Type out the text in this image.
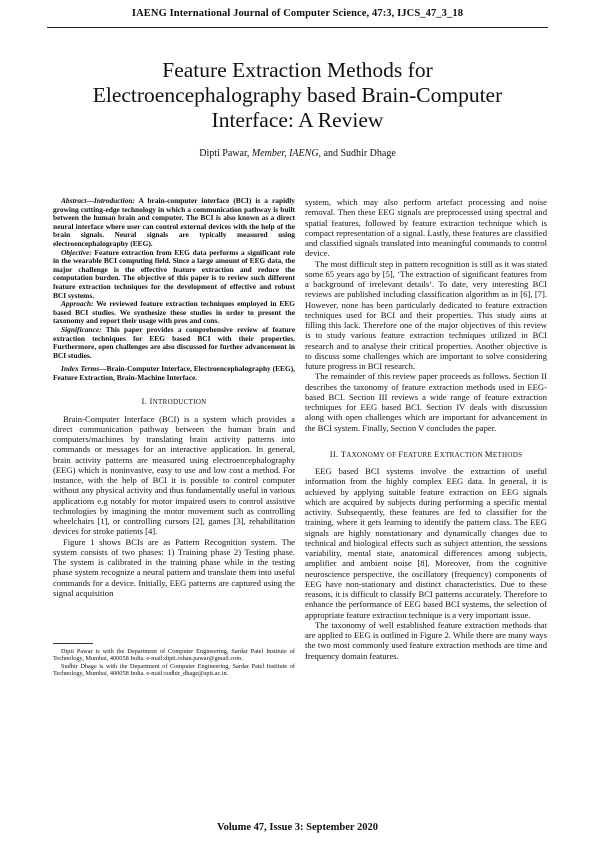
IAENG International Journal of Computer Science, 47:3, IJCS_47_3_18
Feature Extraction Methods for
Electroencephalography based Brain-Computer
Interface: A Review
Dipti Pawar, Member, IAENG, and Sudhir Dhage

Abstract—Introduction: A brain-computer interface (BCI) is a rapidly growing cutting-edge technology in which a communication pathway is built between the human brain and computer. The BCI is also known as a direct neural interface where user can control external devices with the help of the brain signals. Neural signals are typically measured using electroencephalography (EEG).

Objective: Feature extraction from EEG data performs a significant role in the wearable BCI computing field. Since a large amount of EEG data, the major challenge is the effective feature extraction and reduce the computation burden. The objective of this paper is to review such different feature extraction techniques for the development of effective and robust BCI systems.

Approach: We reviewed feature extraction techniques employed in EEG based BCI studies. We synthesize these studies in order to present the taxonomy and report their usage with pros and cons.

Significance: This paper provides a comprehensive review of feature extraction techniques for EEG based BCI with their properties. Furthermore, open challenges are also discussed for further advancement in BCI studies.

Index Terms—Brain-Computer Interface, Electroencephalography (EEG), Feature Extraction, Brain-Machine Interface.

I. INTRODUCTION

Brain-Computer Interface (BCI) is a system which provides a direct communication pathway between the human brain and computers/machines by translating brain activity patterns into commands or messages for an interactive application. In general, brain activity patterns are measured using electroencephalography (EEG) which is noninvasive, easy to use and low cost a method. For instance, with the help of BCI it is possible to control computer without any physical activity and thus fundamentally useful in various applications e.g notably for motor impaired users to control assistive technologies by imagining the motor movement such as controlling wheelchairs [1], or controlling cursors [2], games [3], rehabilitation devices for stroke patients [4].

Figure 1 shows BCIs are as Pattern Recognition system. The system consists of two phases: 1) Training phase 2) Testing phase. The system is calibrated in the training phase while in the testing phase system recognize a neural pattern and translate them into useful commands for a device. Initially, EEG patterns are captured using the signal acquisition

Dipti Pawar is with the Department of Computer Engineering, Sardar Patel Institute of Technology, Mumbai, 400058 India. e-mail:dipti.rohan.pawar@gmail.com.

Sudhir Dhage is with the Department of Computer Engineering, Sardar Patel Institute of Technology, Mumbai, 400058 India. e-mail:sudhir_dhage@spit.ac.in.

system, which may also perform artefact processing and noise removal. Then these EEG signals are preprocessed using spectral and spatial features, followed by feature extraction technique which is compact representation of a signal. Lastly, these features are classified and classified signals translated into meaningful commands to control device.

The most difficult step in pattern recognition is still as it was stated some 65 years ago by [5], ‘The extraction of significant features from a background of irrelevant details’. To date, very interesting BCI reviews are published including classification algorithm as in [6], [7]. However, none has been particularly dedicated to feature extraction techniques used for BCI and their properties. This study aims at filling this lack. Therefore one of the major objectives of this review is to study various feature extraction techniques utilized in BCI research and to analyse their critical properties. Another objective is to discuss some challenges which are important to solve considering future progress in BCI research.

The remainder of this review paper proceeds as follows. Section II describes the taxonomy of feature extraction methods used in EEG-based BCI. Section III reviews a wide range of feature extraction techniques for EEG based BCI. Section IV deals with discussion along with open challenges which are important for advancement in the BCI system. Finally, Section V concludes the paper.

II. TAXONOMY OF FEATURE EXTRACTION METHODS

EEG based BCI systems involve the extraction of useful information from the highly complex EEG data. In general, it is achieved by applying suitable feature extraction on EEG signals which are acquired by subjects during performing a specific mental activity. Subsequently, these features are fed to classifier for the training, where it gets learning to identify the pattern class. The EEG signals are highly nonstationary and dynamically changes due to technical and biological effects such as subject attention, the sessions variability, mental state, anatomical differences among subjects, amplifier and ambient noise [8]. Moreover, from the cognitive neuroscience perspective, the oscillatory (frequency) components of EEG have non-stationary and distinct characteristics. Due to these reasons, it is difficult to classify BCI patterns accurately. Therefore to enhance the performance of EEG based BCI systems, the selection of appropriate feature extraction technique is a very important issue.

The taxonomy of well established feature extraction methods that are applied to EEG is outlined in Figure 2. While there are many ways the two most commonly used feature extraction methods are time and frequency domain features.

Volume 47, Issue 3: September 2020
